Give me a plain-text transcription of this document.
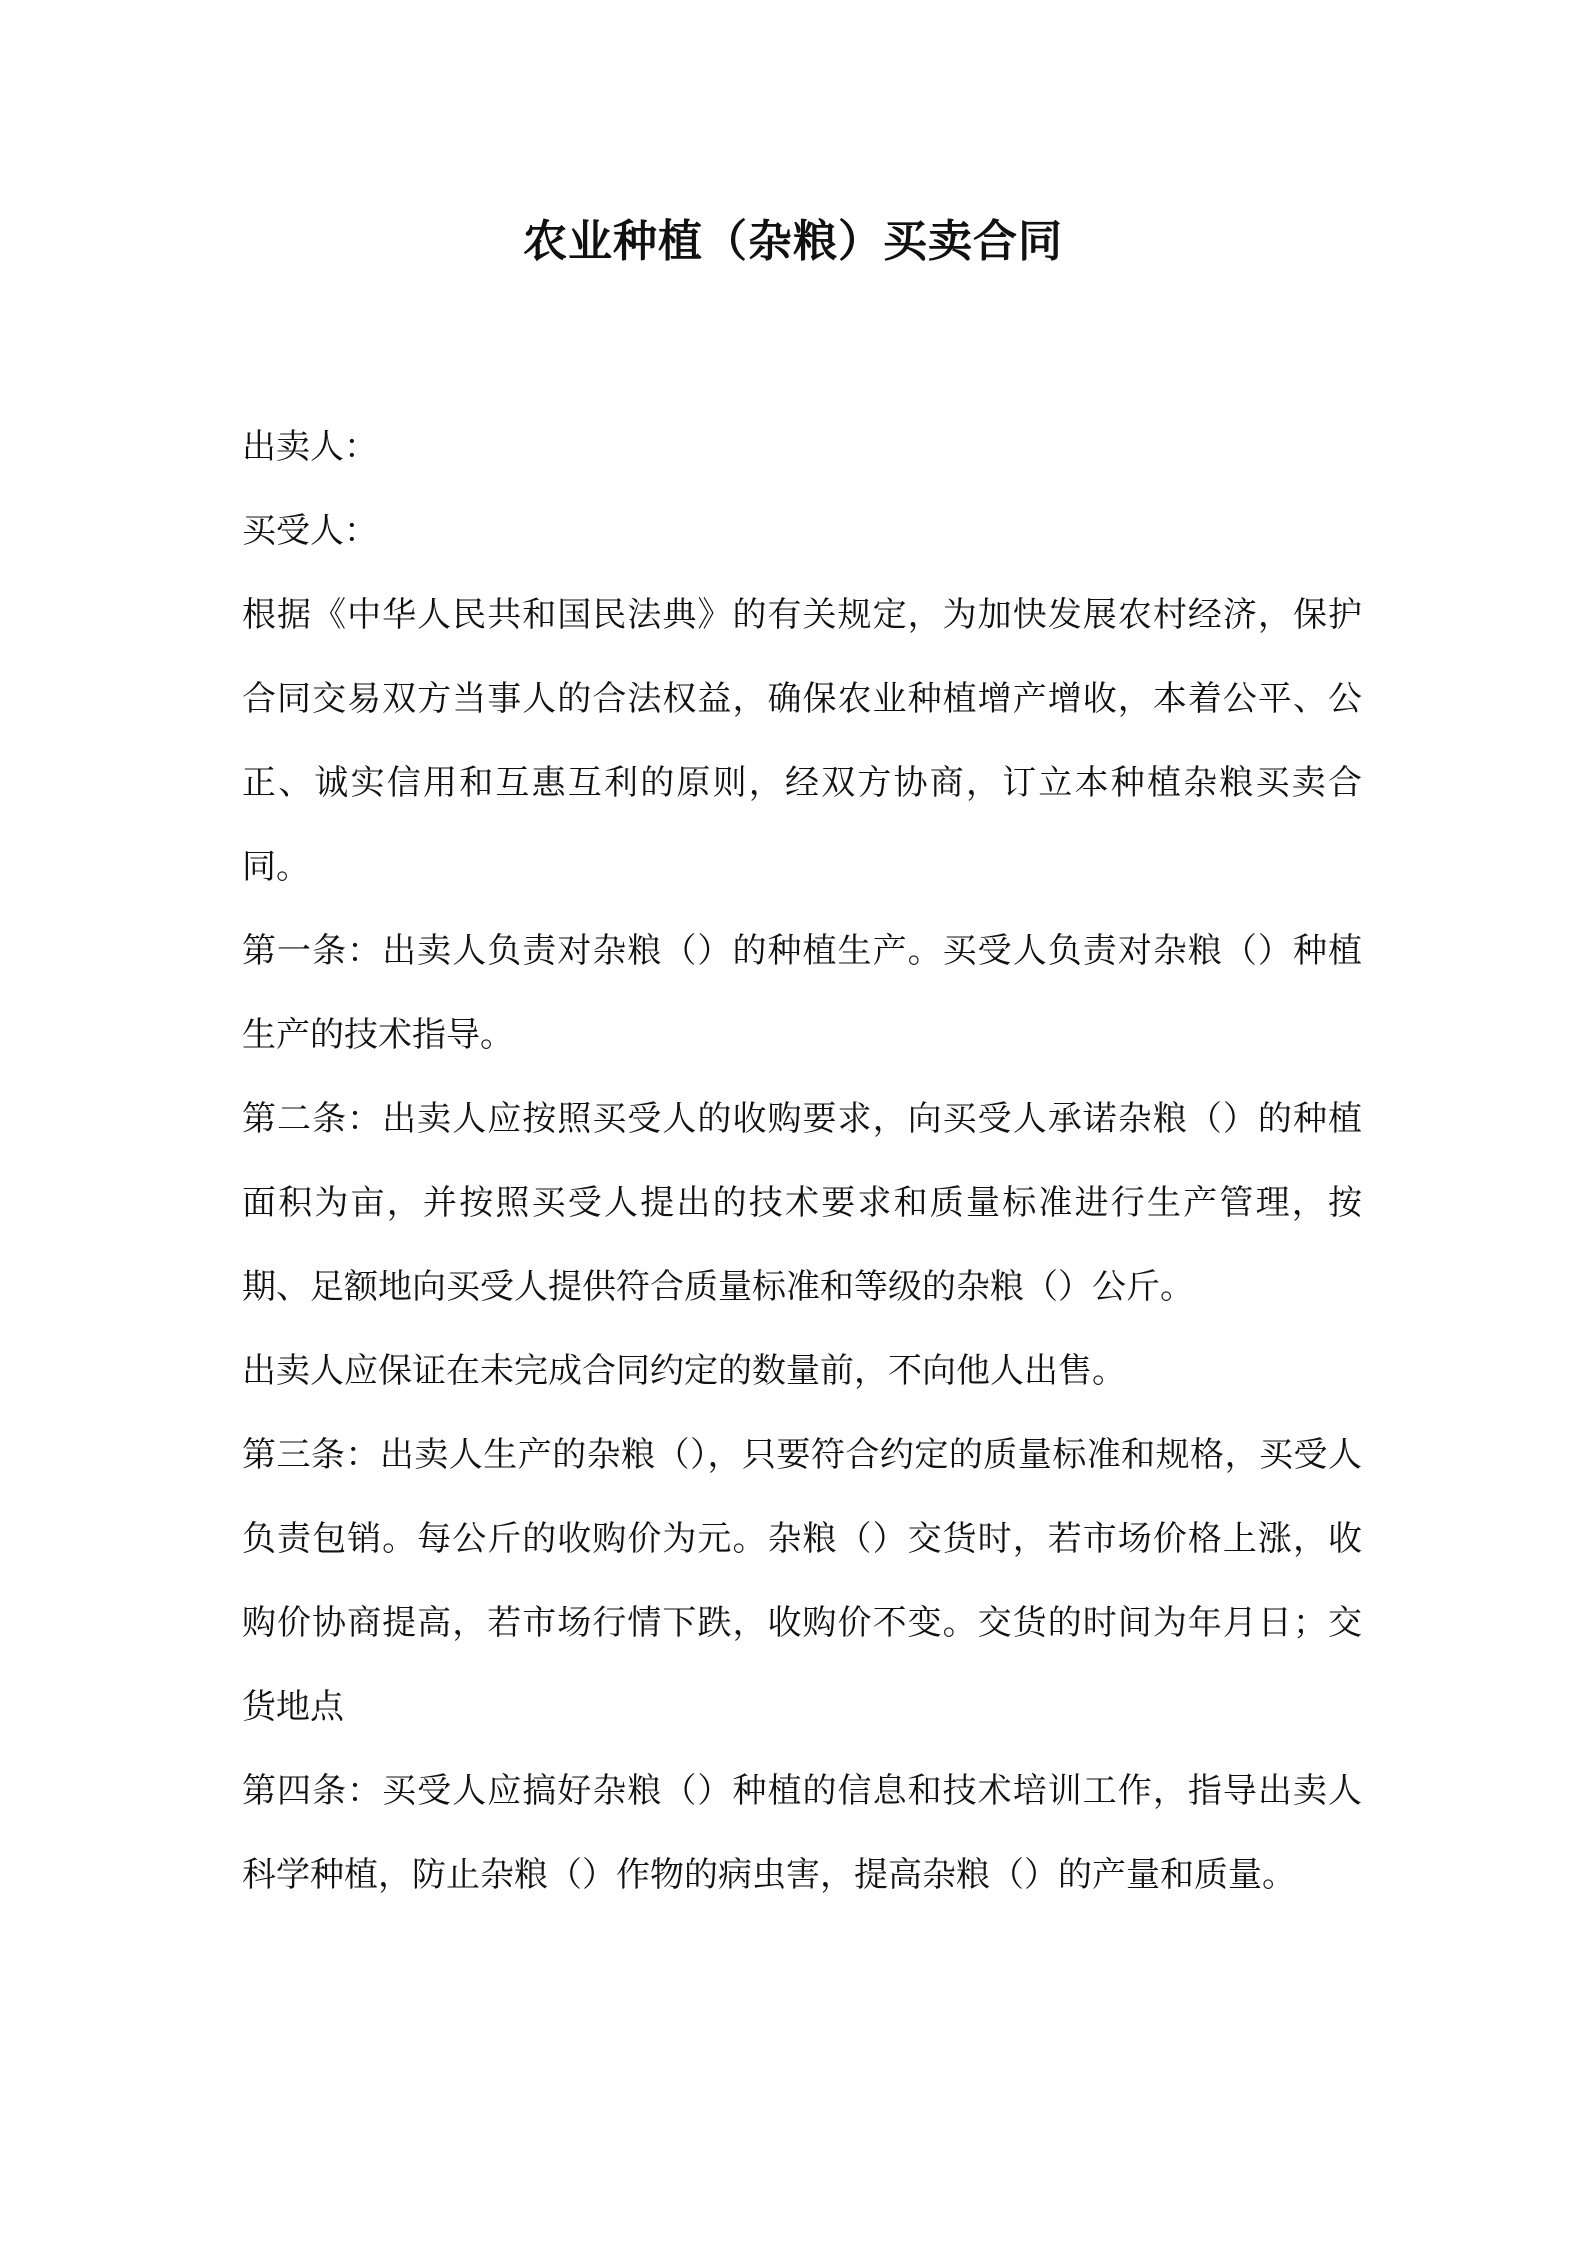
农业种植（杂粮）买卖合同

出卖人：

买受人：

根据《中华人民共和国民法典》的有关规定，为加快发展农村经济，保护合同交易双方当事人的合法权益，确保农业种植增产增收，本着公平、公正、诚实信用和互惠互利的原则，经双方协商，订立本种植杂粮买卖合同。

第一条：出卖人负责对杂粮（）的种植生产。买受人负责对杂粮（）种植生产的技术指导。

第二条：出卖人应按照买受人的收购要求，向买受人承诺杂粮（）的种植面积为亩，并按照买受人提出的技术要求和质量标准进行生产管理，按期、足额地向买受人提供符合质量标准和等级的杂粮（）公斤。

出卖人应保证在未完成合同约定的数量前，不向他人出售。

第三条：出卖人生产的杂粮（），只要符合约定的质量标准和规格，买受人负责包销。每公斤的收购价为元。杂粮（）交货时，若市场价格上涨，收购价协商提高，若市场行情下跌，收购价不变。交货的时间为年月日；交货地点

第四条：买受人应搞好杂粮（）种植的信息和技术培训工作，指导出卖人科学种植，防止杂粮（）作物的病虫害，提高杂粮（）的产量和质量。
